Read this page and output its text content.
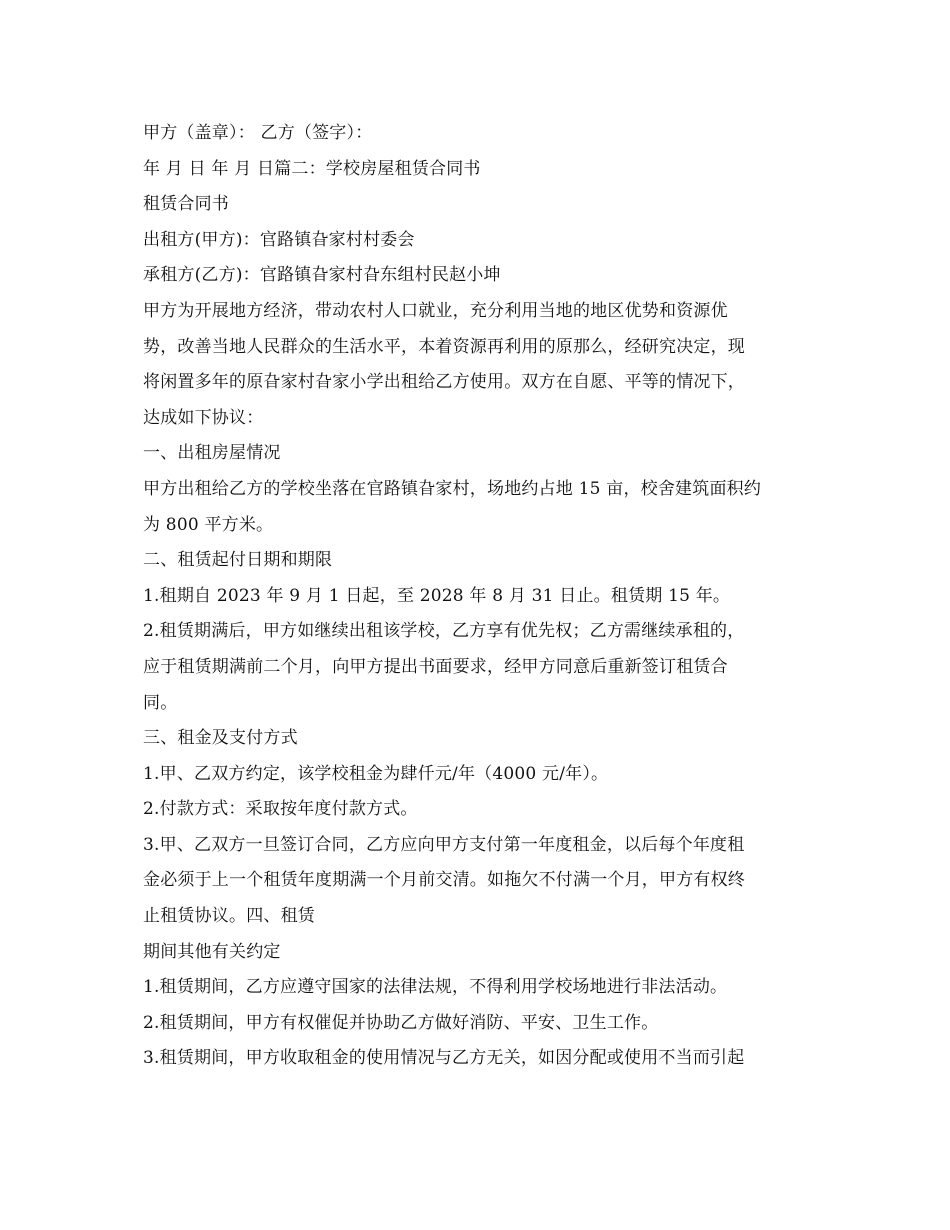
甲方（盖章）： 乙方（签字）：
年 月 日 年 月 日篇二：学校房屋租赁合同书
租赁合同书
出租方(甲方)：官路镇旮家村村委会
承租方(乙方)：官路镇旮家村旮东组村民赵小坤
甲方为开展地方经济，带动农村人口就业，充分利用当地的地区优势和资源优
势，改善当地人民群众的生活水平，本着资源再利用的原那么，经研究决定，现
将闲置多年的原旮家村旮家小学出租给乙方使用。双方在自愿、平等的情况下，
达成如下协议：
一、出租房屋情况
甲方出租给乙方的学校坐落在官路镇旮家村，场地约占地 15 亩，校舍建筑面积约
为 800 平方米。
二、租赁起付日期和期限
1.租期自 2023 年 9 月 1 日起，至 2028 年 8 月 31 日止。租赁期 15 年。
2.租赁期满后，甲方如继续出租该学校，乙方享有优先权；乙方需继续承租的，
应于租赁期满前二个月，向甲方提出书面要求，经甲方同意后重新签订租赁合
同。
三、租金及支付方式
1.甲、乙双方约定，该学校租金为肆仟元/年（4000 元/年）。
2.付款方式：采取按年度付款方式。
3.甲、乙双方一旦签订合同，乙方应向甲方支付第一年度租金，以后每个年度租
金必须于上一个租赁年度期满一个月前交清。如拖欠不付满一个月，甲方有权终
止租赁协议。四、租赁
期间其他有关约定
1.租赁期间，乙方应遵守国家的法律法规，不得利用学校场地进行非法活动。
2.租赁期间，甲方有权催促并协助乙方做好消防、平安、卫生工作。
3.租赁期间，甲方收取租金的使用情况与乙方无关，如因分配或使用不当而引起
